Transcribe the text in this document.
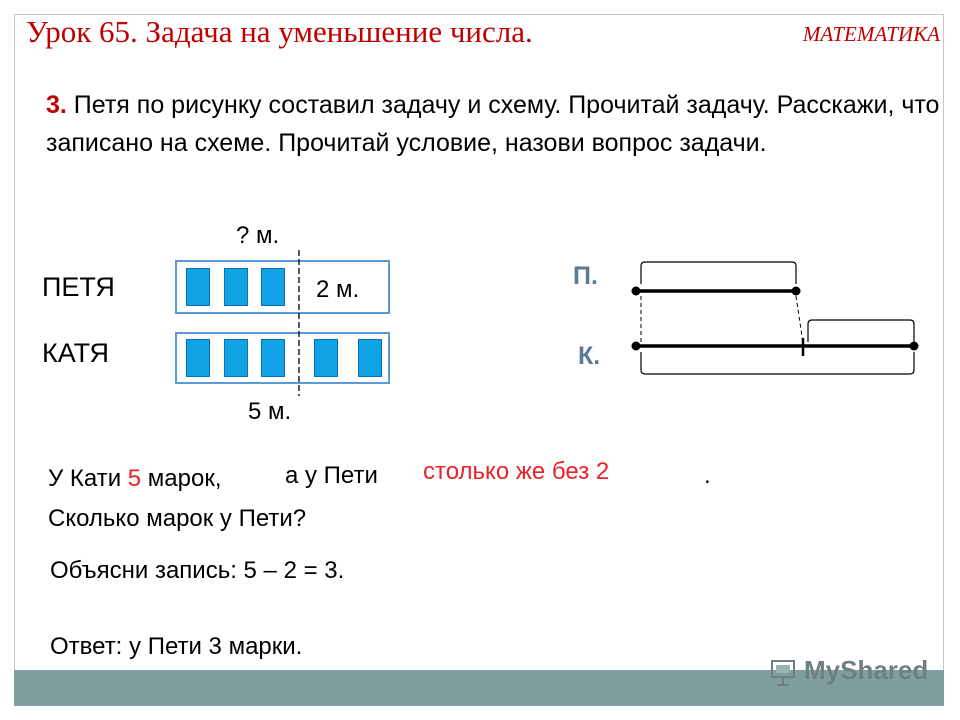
Урок 65. Задача на уменьшение числа.	МАТЕМАТИКА
3. Петя по рисунку составил задачу и схему. Прочитай задачу. Расскажи, что записано на схеме. Прочитай условие, назови вопрос задачи.
? м.
ПЕТЯ
КАТЯ
2 м.
5 м.
П.
К.
У Кати 5 марок,	а у Пети столько же без 2	.
Сколько марок у Пети?
Объясни запись: 5 – 2 = 3.
Ответ: у Пети 3 марки.
MyShared
